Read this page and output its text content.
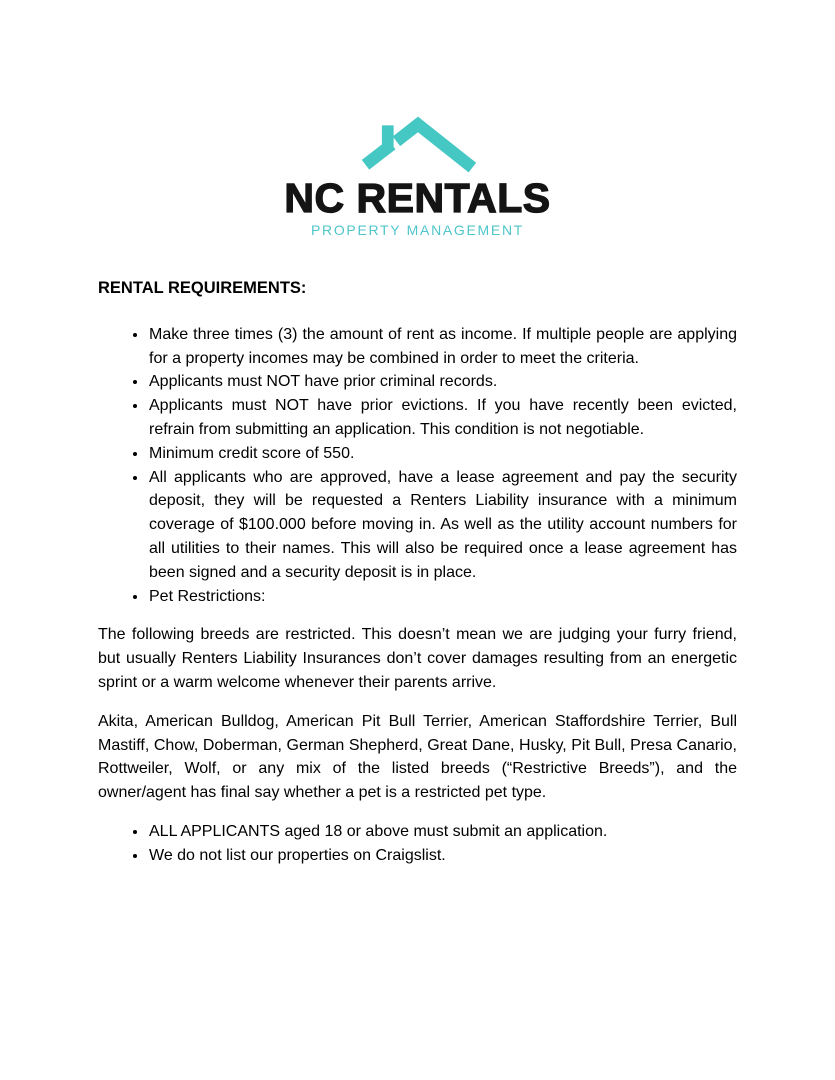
NC RENTALS
PROPERTY MANAGEMENT
RENTAL REQUIREMENTS:
• Make three times (3) the amount of rent as income. If multiple people are applying for a property incomes may be combined in order to meet the criteria.
• Applicants must NOT have prior criminal records.
• Applicants must NOT have prior evictions. If you have recently been evicted, refrain from submitting an application. This condition is not negotiable.
• Minimum credit score of 550.
• All applicants who are approved, have a lease agreement and pay the security deposit, they will be requested a Renters Liability insurance with a minimum coverage of $100.000 before moving in. As well as the utility account numbers for all utilities to their names. This will also be required once a lease agreement has been signed and a security deposit is in place.
• Pet Restrictions:

The following breeds are restricted. This doesn’t mean we are judging your furry friend, but usually Renters Liability Insurances don’t cover damages resulting from an energetic sprint or a warm welcome whenever their parents arrive.

Akita, American Bulldog, American Pit Bull Terrier, American Staffordshire Terrier, Bull Mastiff, Chow, Doberman, German Shepherd, Great Dane, Husky, Pit Bull, Presa Canario, Rottweiler, Wolf, or any mix of the listed breeds (“Restrictive Breeds”), and the owner/agent has final say whether a pet is a restricted pet type.

• ALL APPLICANTS aged 18 or above must submit an application.
• We do not list our properties on Craigslist.
